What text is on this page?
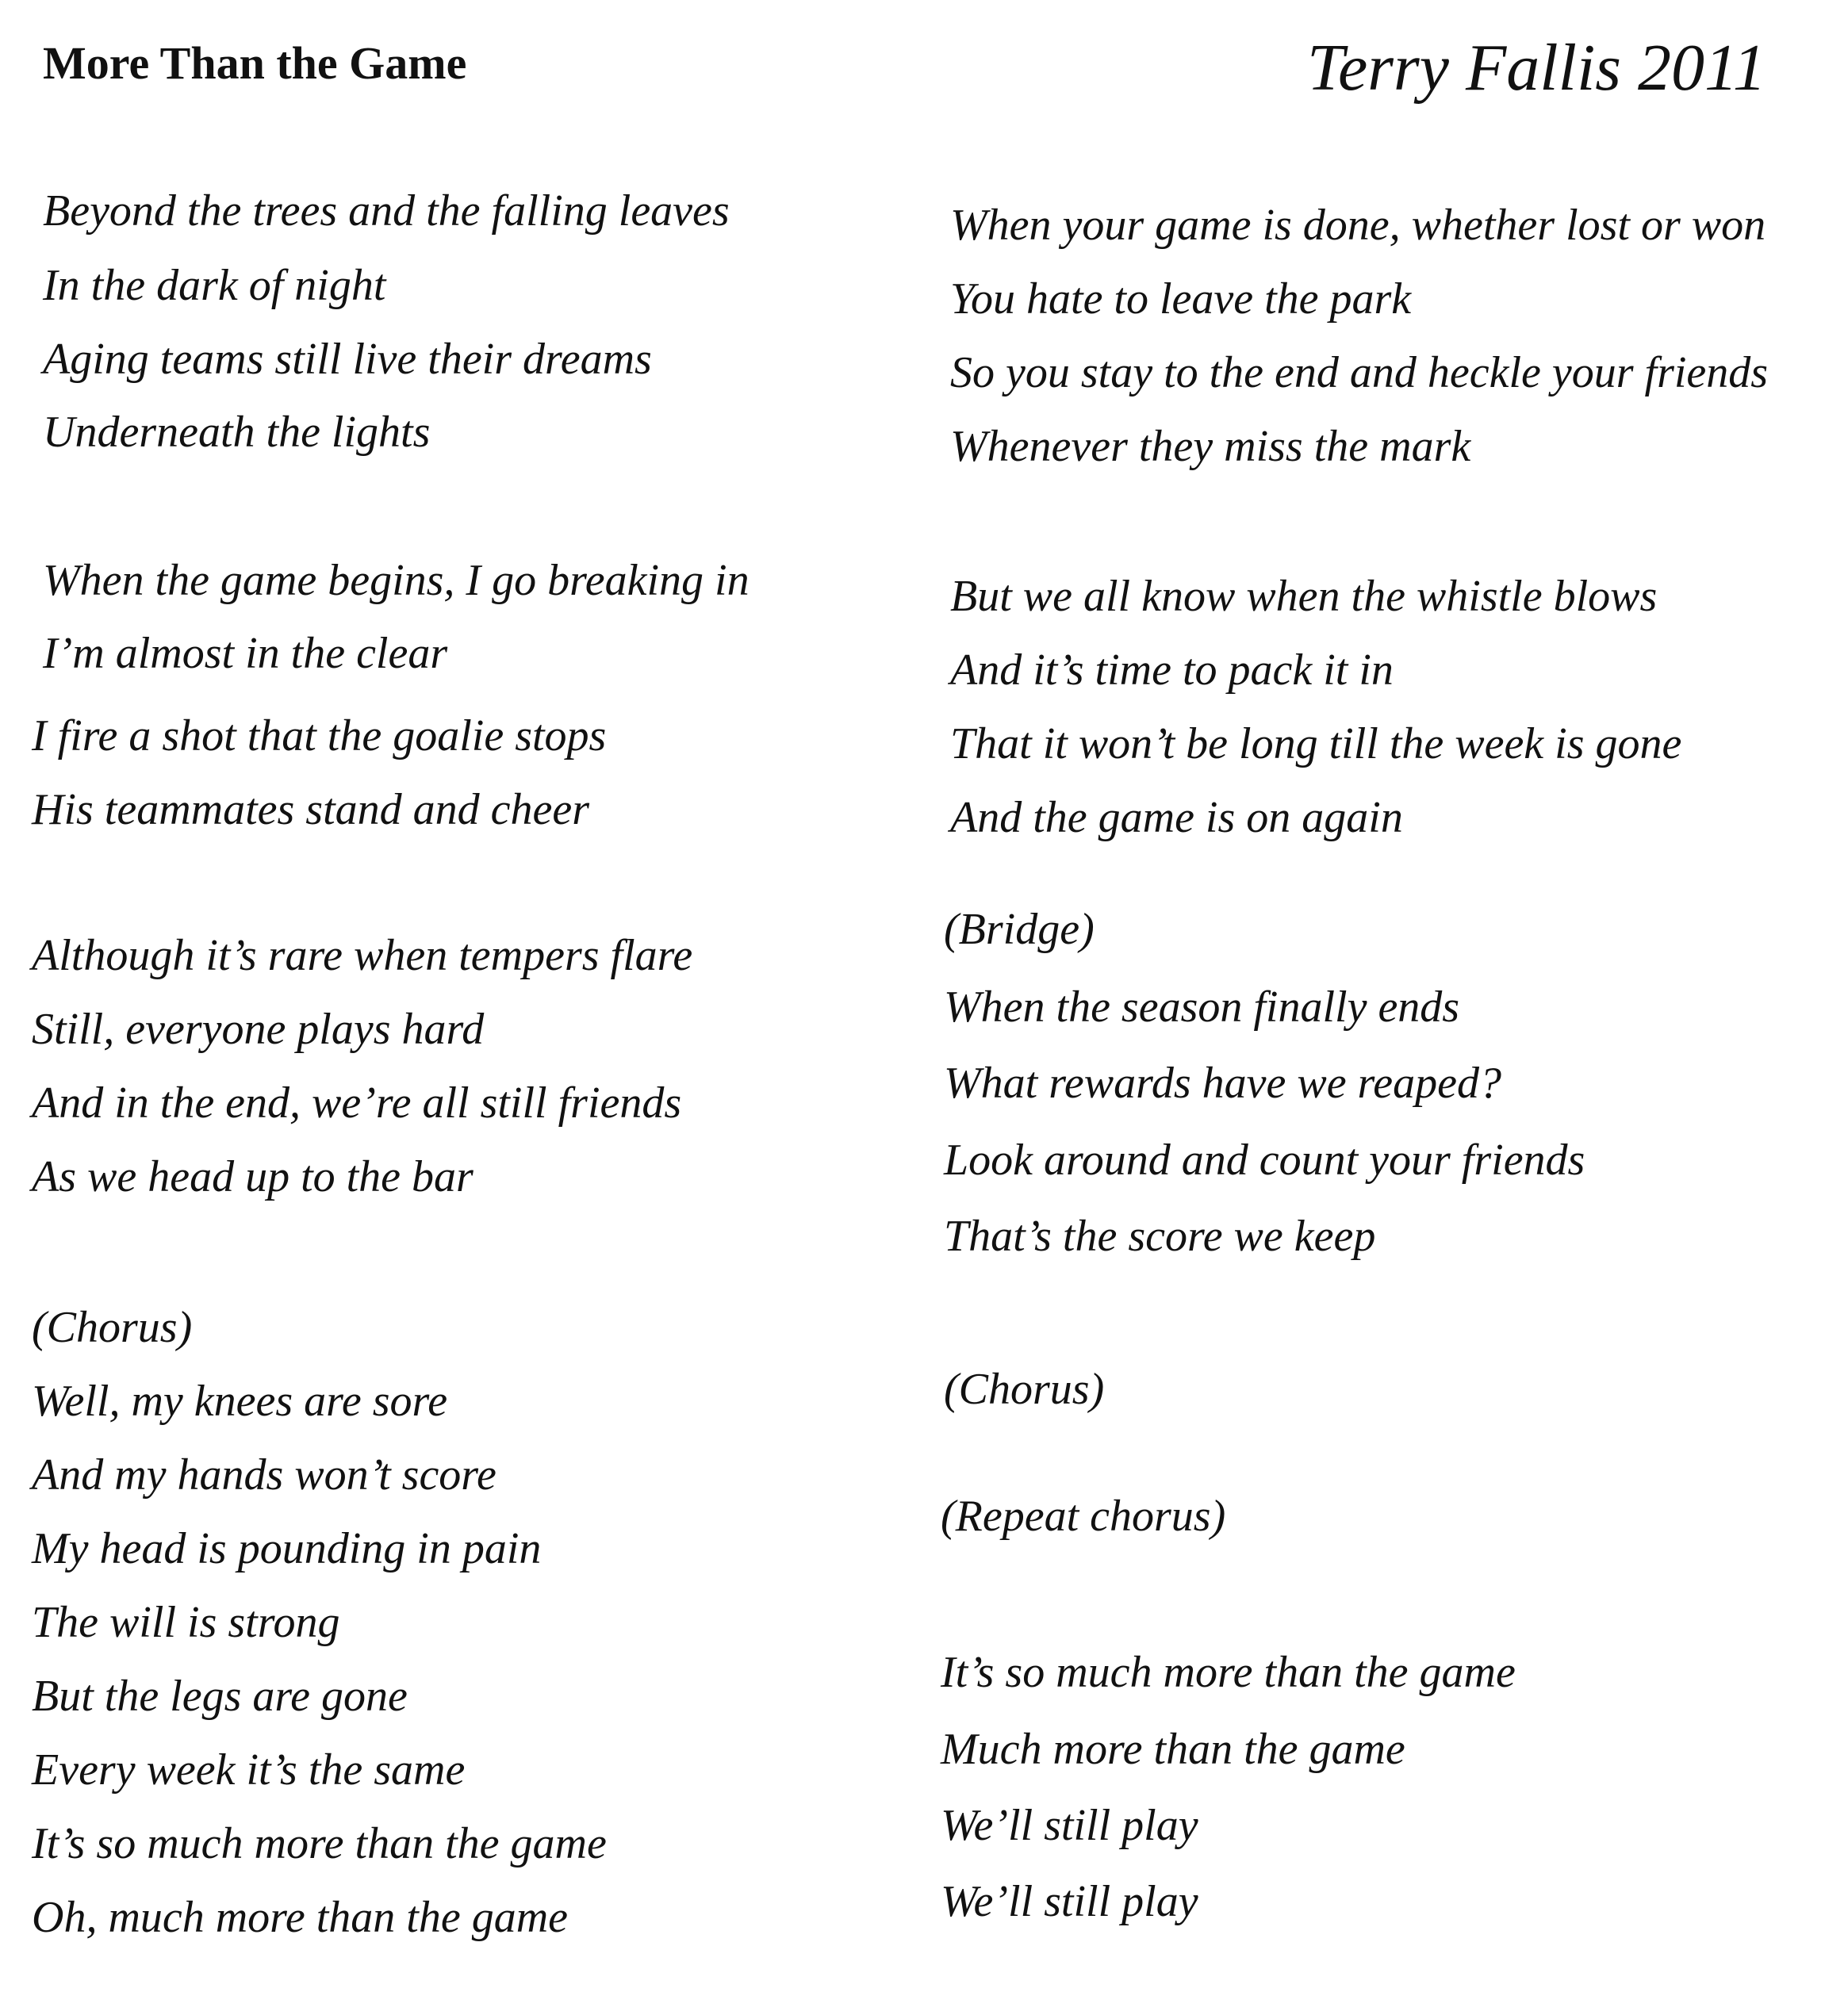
More Than the Game	Terry Fallis 2011
Beyond the trees and the falling leaves
In the dark of night
Aging teams still live their dreams
Underneath the lights
When the game begins, I go breaking in
I’m almost in the clear
I fire a shot that the goalie stops
His teammates stand and cheer
Although it’s rare when tempers flare
Still, everyone plays hard
And in the end, we’re all still friends
As we head up to the bar
(Chorus)
Well, my knees are sore
And my hands won’t score
My head is pounding in pain
The will is strong
But the legs are gone
Every week it’s the same
It’s so much more than the game
Oh, much more than the game
When your game is done, whether lost or won
You hate to leave the park
So you stay to the end and heckle your friends
Whenever they miss the mark
But we all know when the whistle blows
And it’s time to pack it in
That it won’t be long till the week is gone
And the game is on again
(Bridge)
When the season finally ends
What rewards have we reaped?
Look around and count your friends
That’s the score we keep
(Chorus)
(Repeat chorus)
It’s so much more than the game
Much more than the game
We’ll still play
We’ll still play
